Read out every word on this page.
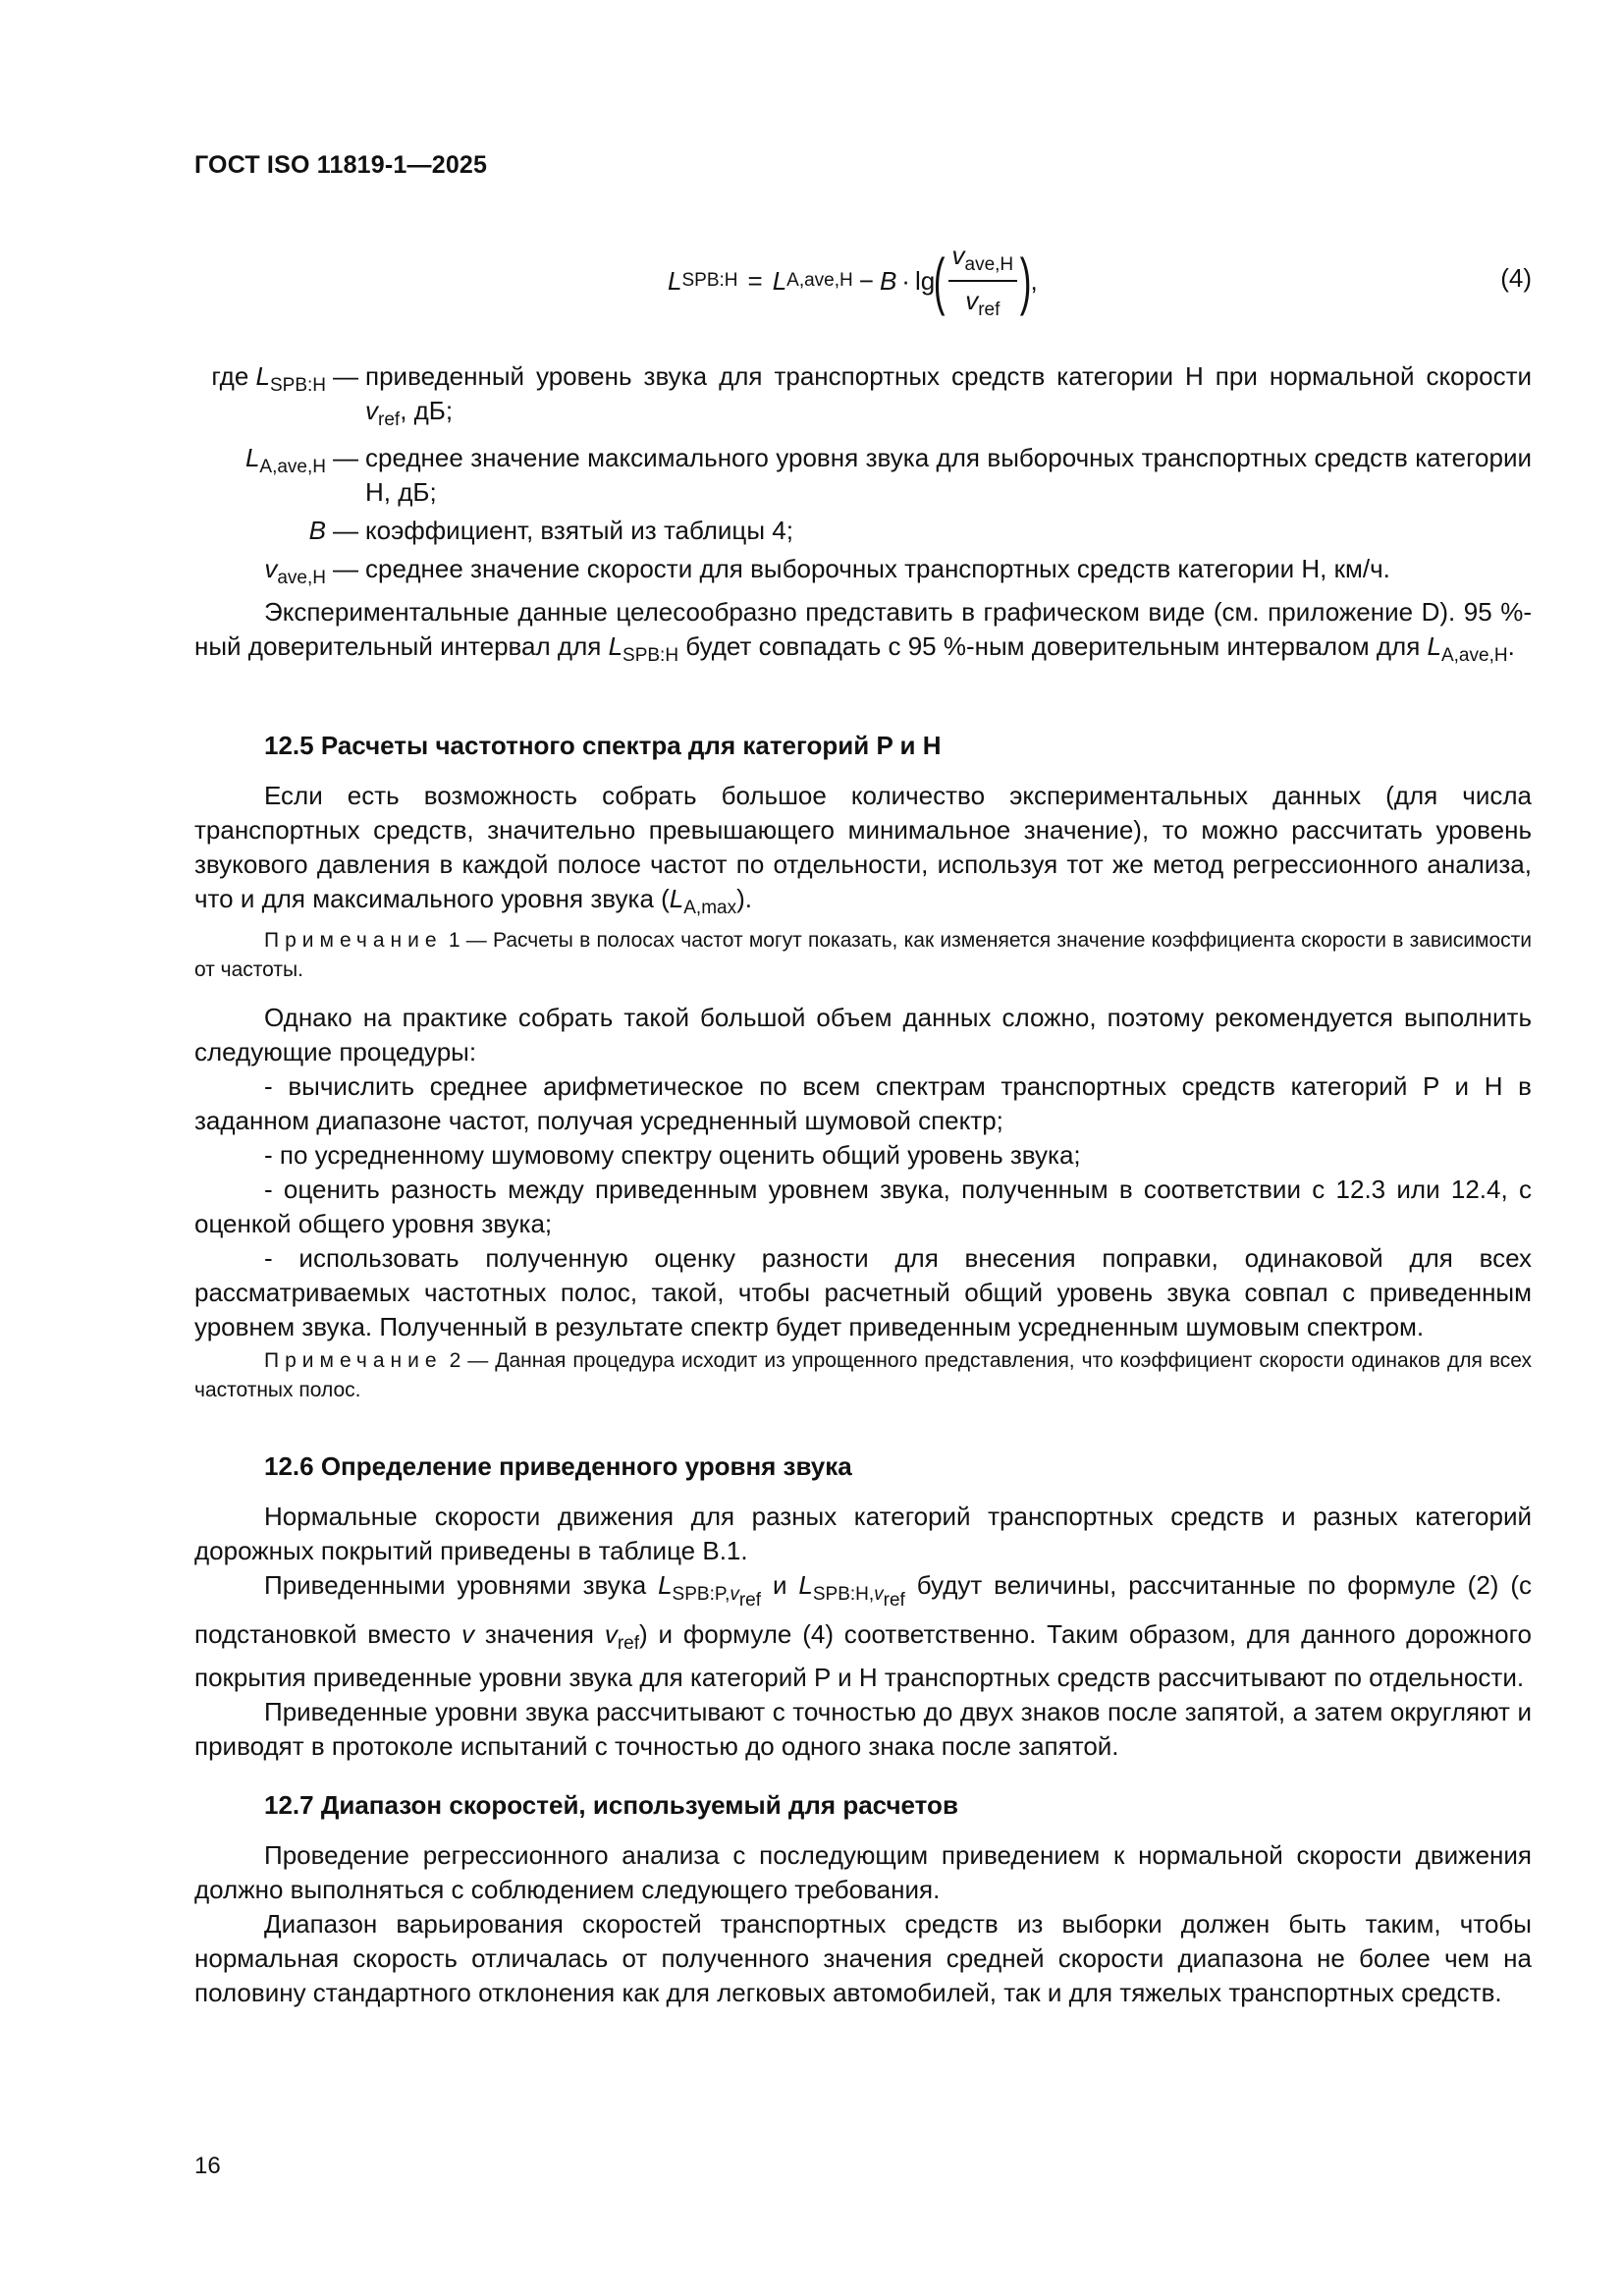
ГОСТ ISO 11819-1—2025
L SPB:H = L A,ave,H − B · lg
( $\frac{v_{ave,H}}{v_{ref}}$ )
,	(4)
где $L_{SPB:H}$ — приведенный уровень звука для транспортных средств категории H при нормальной скорости $v_{ref}$, дБ;
$L_{A,ave,H}$ — среднее значение максимального уровня звука для выборочных транспортных средств категории H, дБ;
B — коэффициент, взятый из таблицы 4;
$v_{ave,H}$ — среднее значение скорости для выборочных транспортных средств категории H, км/ч.

Экспериментальные данные целесообразно представить в графическом виде (см. приложение D). 95 %-ный доверительный интервал для $L_{SPB:H}$ будет совпадать с 95 %-ным доверительным интервалом для $L_{A,ave,H}$.

12.5 Расчеты частотного спектра для категорий P и H

Если есть возможность собрать большое количество экспериментальных данных (для числа транспортных средств, значительно превышающего минимальное значение), то можно рассчитать уровень звукового давления в каждой полосе частот по отдельности, используя тот же метод регрессионного анализа, что и для максимального уровня звука $(L_{A,max})$.

Примечание 1 — Расчеты в полосах частот могут показать, как изменяется значение коэффициента скорости в зависимости от частоты.

Однако на практике собрать такой большой объем данных сложно, поэтому рекомендуется выполнить следующие процедуры:

- вычислить среднее арифметическое по всем спектрам транспортных средств категорий P и H в заданном диапазоне частот, получая усредненный шумовой спектр;

- по усредненному шумовому спектру оценить общий уровень звука;

- оценить разность между приведенным уровнем звука, полученным в соответствии с 12.3 или 12.4, с оценкой общего уровня звука;

- использовать полученную оценку разности для внесения поправки, одинаковой для всех рассматриваемых частотных полос, такой, чтобы расчетный общий уровень звука совпал с приведенным уровнем звука. Полученный в результате спектр будет приведенным усредненным шумовым спектром.

Примечание 2 — Данная процедура исходит из упрощенного представления, что коэффициент скорости одинаков для всех частотных полос.

12.6 Определение приведенного уровня звука

Нормальные скорости движения для разных категорий транспортных средств и разных категорий дорожных покрытий приведены в таблице B.1.

Приведенными уровнями звука $L_{SPB:P,v_{ref}}$ и $L_{SPB:H,v_{ref}}$ будут величины, рассчитанные по формуле (2) (с подстановкой вместо v значения $v_{ref}$) и формуле (4) соответственно. Таким образом, для данного дорожного покрытия приведенные уровни звука для категорий P и H транспортных средств рассчитывают по отдельности.

Приведенные уровни звука рассчитывают с точностью до двух знаков после запятой, а затем округляют и приводят в протоколе испытаний с точностью до одного знака после запятой.

12.7 Диапазон скоростей, используемый для расчетов

Проведение регрессионного анализа с последующим приведением к нормальной скорости движения должно выполняться с соблюдением следующего требования.

Диапазон варьирования скоростей транспортных средств из выборки должен быть таким, чтобы нормальная скорость отличалась от полученного значения средней скорости диапазона не более чем на половину стандартного отклонения как для легковых автомобилей, так и для тяжелых транспортных средств.

16
